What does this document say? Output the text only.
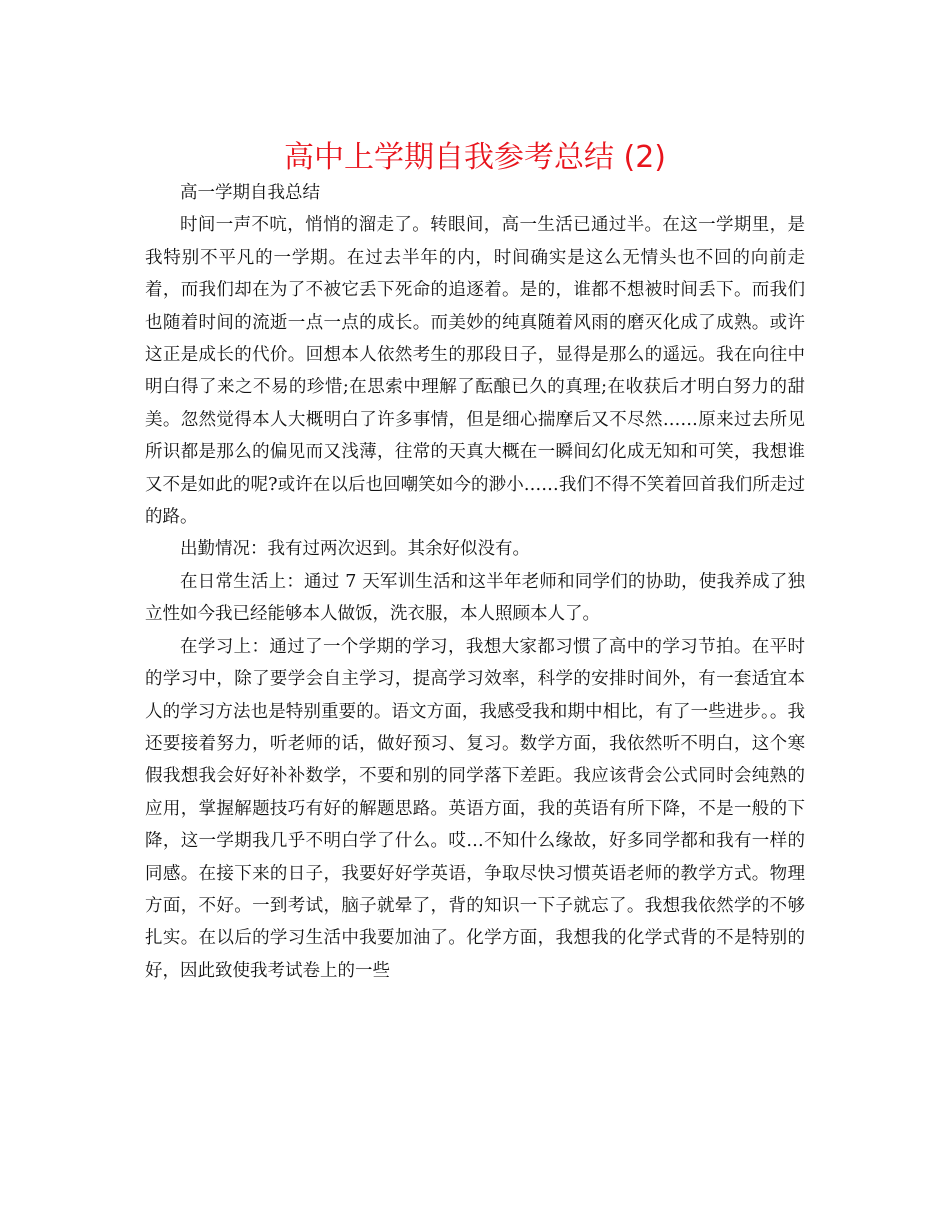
高中上学期自我参考总结 (2)

高一学期自我总结

时间一声不吭，悄悄的溜走了。转眼间，高一生活已通过半。在这一学期里，是我特别不平凡的一学期。在过去半年的内，时间确实是这么无情头也不回的向前走着，而我们却在为了不被它丢下死命的追逐着。是的，谁都不想被时间丢下。而我们也随着时间的流逝一点一点的成长。而美妙的纯真随着风雨的磨灭化成了成熟。或许这正是成长的代价。回想本人依然考生的那段日子，显得是那么的遥远。我在向往中明白得了来之不易的珍惜;在思索中理解了酝酿已久的真理;在收获后才明白努力的甜美。忽然觉得本人大概明白了许多事情，但是细心揣摩后又不尽然……原来过去所见所识都是那么的偏见而又浅薄，往常的天真大概在一瞬间幻化成无知和可笑，我想谁又不是如此的呢?或许在以后也回嘲笑如今的渺小……我们不得不笑着回首我们所走过的路。

出勤情况：我有过两次迟到。其余好似没有。

在日常生活上：通过 7 天军训生活和这半年老师和同学们的协助，使我养成了独立性如今我已经能够本人做饭，洗衣服，本人照顾本人了。

在学习上：通过了一个学期的学习，我想大家都习惯了高中的学习节拍。在平时的学习中，除了要学会自主学习，提高学习效率，科学的安排时间外，有一套适宜本人的学习方法也是特别重要的。语文方面，我感受我和期中相比，有了一些进步。。我还要接着努力，听老师的话，做好预习、复习。数学方面，我依然听不明白，这个寒假我想我会好好补补数学，不要和别的同学落下差距。我应该背会公式同时会纯熟的应用，掌握解题技巧有好的解题思路。英语方面，我的英语有所下降，不是一般的下降，这一学期我几乎不明白学了什么。哎…不知什么缘故，好多同学都和我有一样的同感。在接下来的日子，我要好好学英语，争取尽快习惯英语老师的教学方式。物理方面，不好。一到考试，脑子就晕了，背的知识一下子就忘了。我想我依然学的不够扎实。在以后的学习生活中我要加油了。化学方面，我想我的化学式背的不是特别的好，因此致使我考试卷上的一些
